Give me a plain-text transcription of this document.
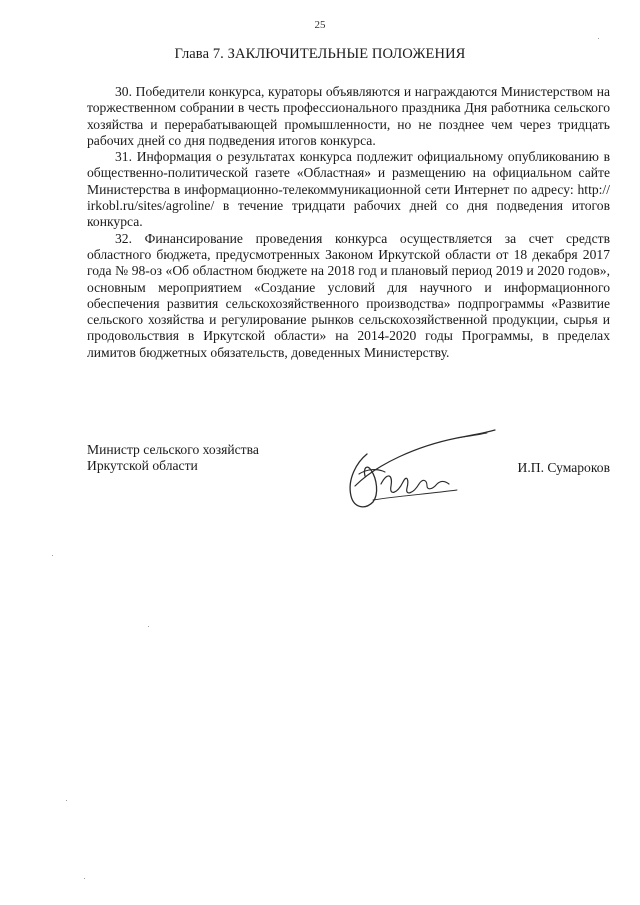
25
Глава 7. ЗАКЛЮЧИТЕЛЬНЫЕ ПОЛОЖЕНИЯ

30. Победители конкурса, кураторы объявляются и награждаются Министерством на торжественном собрании в честь профессионального праздника Дня работника сельского хозяйства и перерабатывающей промышленности, но не позднее чем через тридцать рабочих дней со дня подведения итогов конкурса.

31. Информация о результатах конкурса подлежит официальному опубликованию в общественно-политической газете «Областная» и размещению на официальном сайте Министерства в информационно-телекоммуникационной сети Интернет по адресу: http:// irkobl.ru/sites/agroline/ в течение тридцати рабочих дней со дня подведения итогов конкурса.

32. Финансирование проведения конкурса осуществляется за счет средств областного бюджета, предусмотренных Законом Иркутской области от 18 декабря 2017 года № 98-оз «Об областном бюджете на 2018 год и плановый период 2019 и 2020 годов», основным мероприятием «Создание условий для научного и информационного обеспечения развития сельскохозяйственного производства» подпрограммы «Развитие сельского хозяйства и регулирование рынков сельскохозяйственной продукции, сырья и продовольствия в Иркутской области» на 2014-2020 годы Программы, в пределах лимитов бюджетных обязательств, доведенных Министерству.

Министр сельского хозяйства
Иркутской области	И.П. Сумароков
